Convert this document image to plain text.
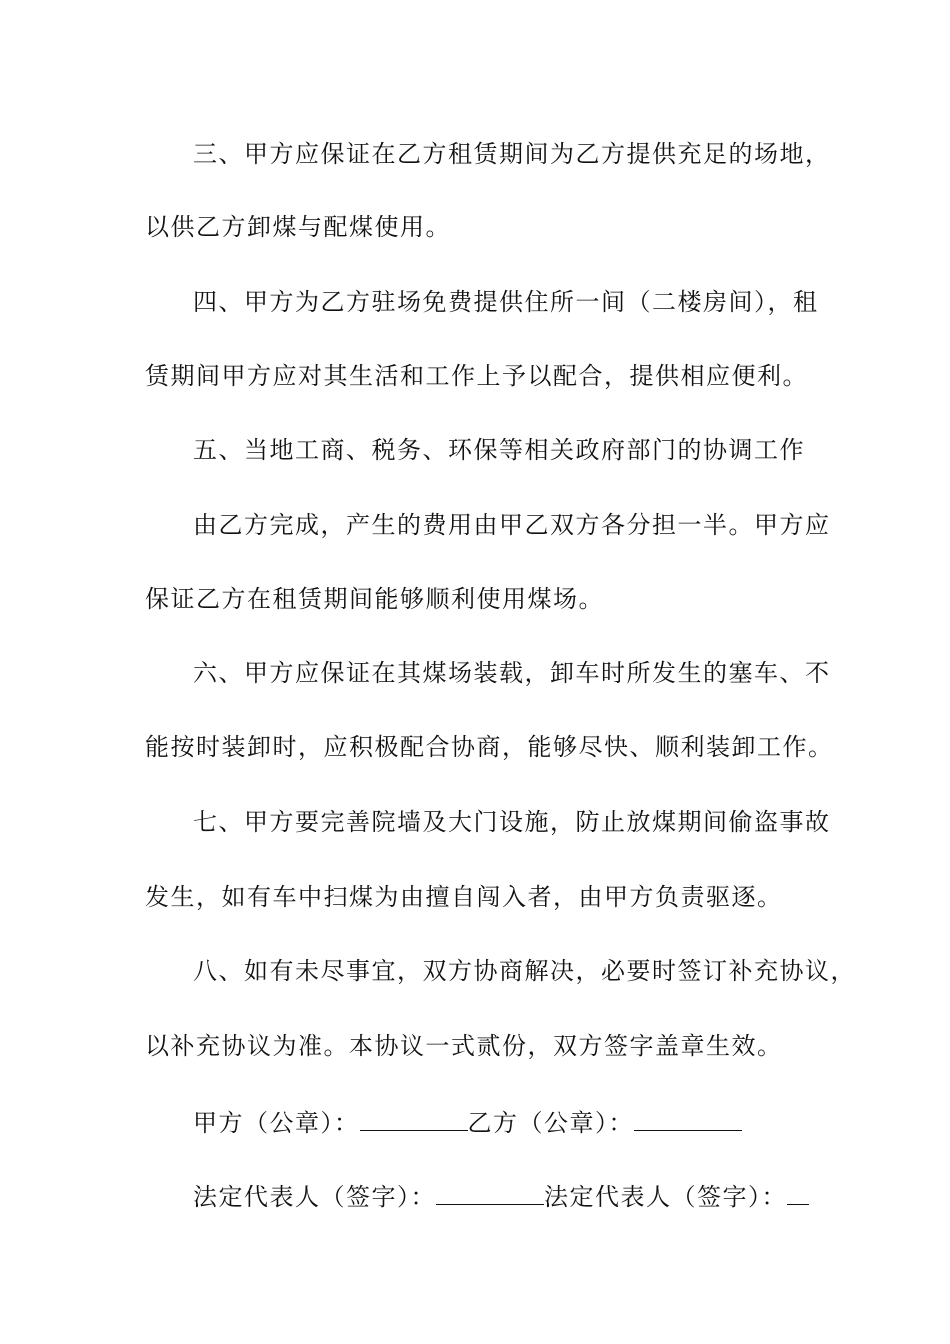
三、甲方应保证在乙方租赁期间为乙方提供充足的场地，
以供乙方卸煤与配煤使用。
四、甲方为乙方驻场免费提供住所一间（二楼房间），租
赁期间甲方应对其生活和工作上予以配合，提供相应便利。
五、当地工商、税务、环保等相关政府部门的协调工作
由乙方完成，产生的费用由甲乙双方各分担一半。甲方应
保证乙方在租赁期间能够顺利使用煤场。
六、甲方应保证在其煤场装载，卸车时所发生的塞车、不
能按时装卸时，应积极配合协商，能够尽快、顺利装卸工作。
七、甲方要完善院墙及大门设施，防止放煤期间偷盗事故
发生，如有车中扫煤为由擅自闯入者，由甲方负责驱逐。
八、如有未尽事宜，双方协商解决，必要时签订补充协议，
以补充协议为准。本协议一式贰份，双方签字盖章生效。
甲方（公章）：	乙方（公章）：
法定代表人（签字）：	法定代表人（签字）：
